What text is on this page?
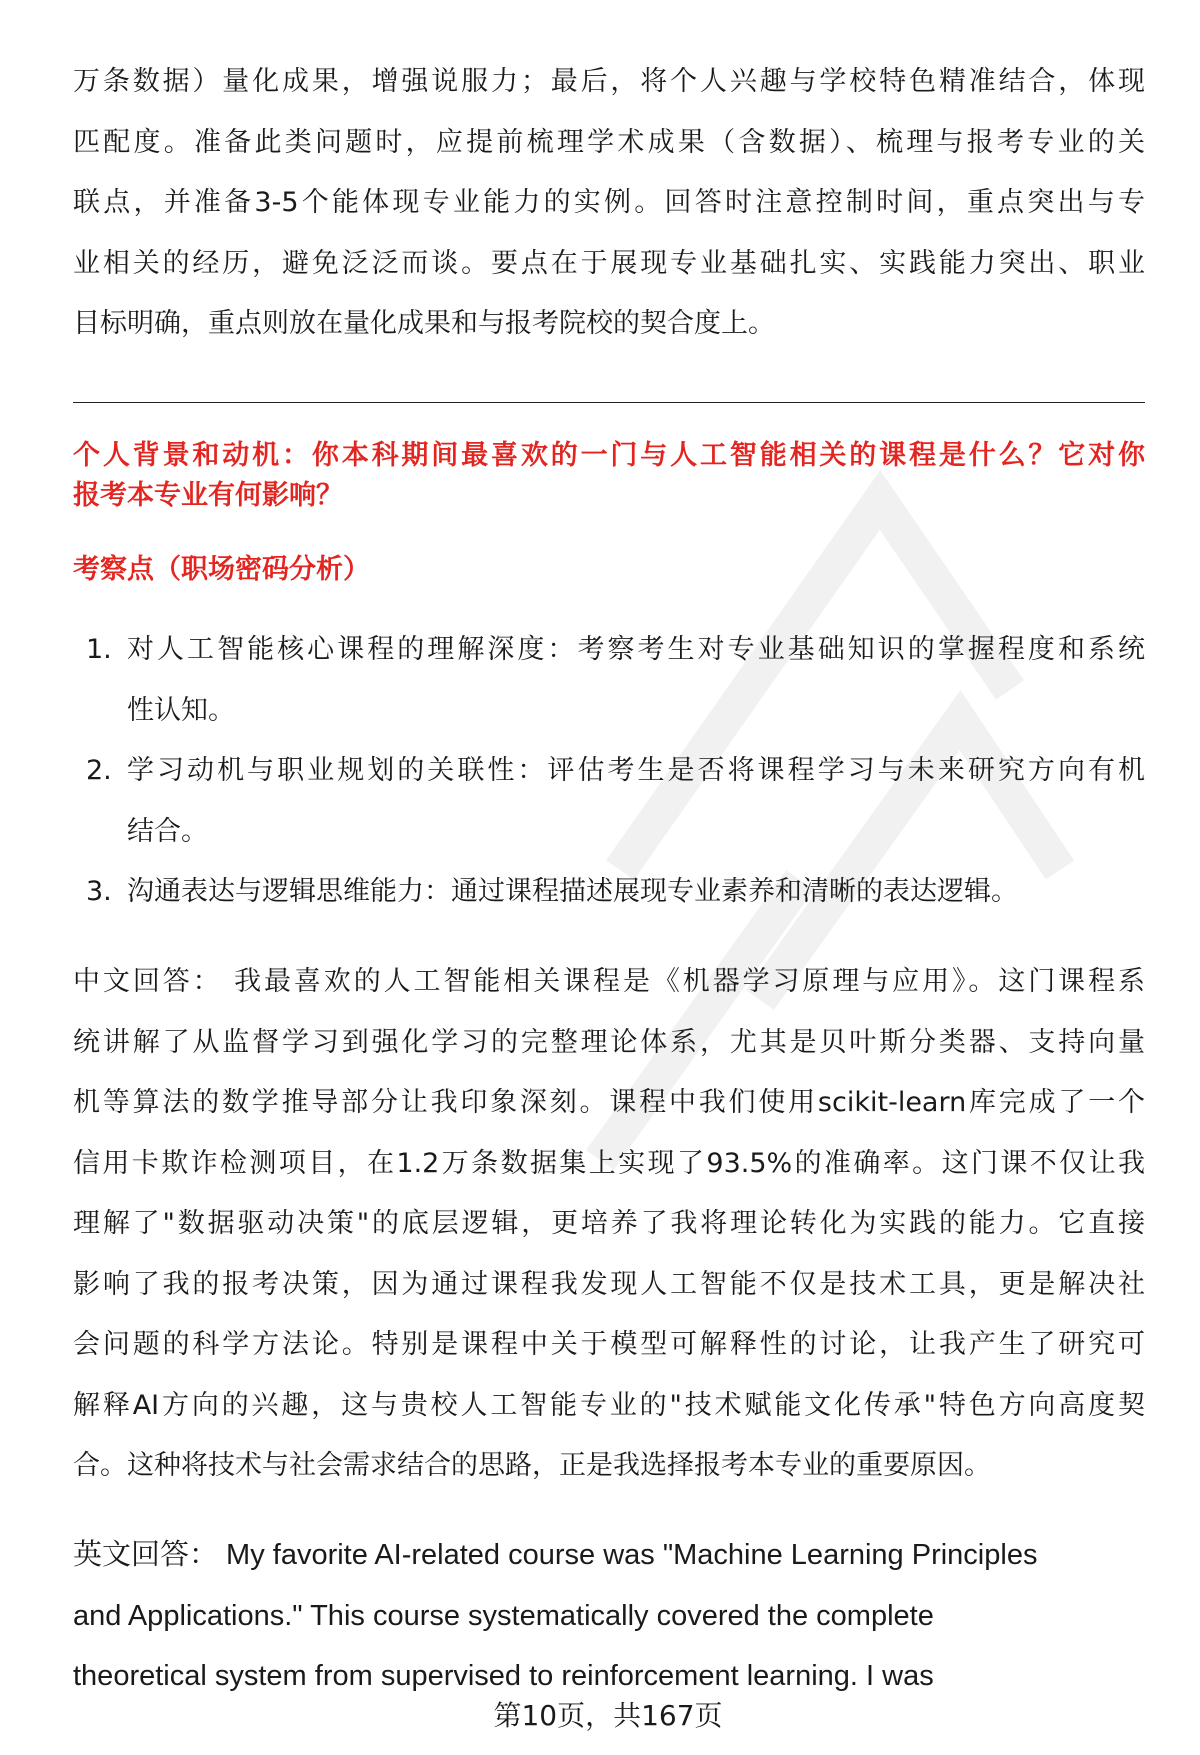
万条数据）量化成果，增强说服力；最后，将个人兴趣与学校特色精准结合，体现
匹配度。准备此类问题时，应提前梳理学术成果（含数据）、梳理与报考专业的关
联点，并准备3-5个能体现专业能力的实例。回答时注意控制时间，重点突出与专
业相关的经历，避免泛泛而谈。要点在于展现专业基础扎实、实践能力突出、职业
目标明确，重点则放在量化成果和与报考院校的契合度上。
个人背景和动机：你本科期间最喜欢的一门与人工智能相关的课程是什么？它对你
报考本专业有何影响？
考察点（职场密码分析）
1. 对人工智能核心课程的理解深度：考察考生对专业基础知识的掌握程度和系统
性认知。
2. 学习动机与职业规划的关联性：评估考生是否将课程学习与未来研究方向有机
结合。
3. 沟通表达与逻辑思维能力：通过课程描述展现专业素养和清晰的表达逻辑。
中文回答： 我最喜欢的人工智能相关课程是《机器学习原理与应用》。这门课程系
统讲解了从监督学习到强化学习的完整理论体系，尤其是贝叶斯分类器、支持向量
机等算法的数学推导部分让我印象深刻。课程中我们使用scikit-learn库完成了一个
信用卡欺诈检测项目，在1.2万条数据集上实现了93.5%的准确率。这门课不仅让我
理解了"数据驱动决策"的底层逻辑，更培养了我将理论转化为实践的能力。它直接
影响了我的报考决策，因为通过课程我发现人工智能不仅是技术工具，更是解决社
会问题的科学方法论。特别是课程中关于模型可解释性的讨论，让我产生了研究可
解释AI方向的兴趣，这与贵校人工智能专业的"技术赋能文化传承"特色方向高度契
合。这种将技术与社会需求结合的思路，正是我选择报考本专业的重要原因。
英文回答： My favorite AI-related course was "Machine Learning Principles
and Applications." This course systematically covered the complete
theoretical system from supervised to reinforcement learning. I was
第10页，共167页
